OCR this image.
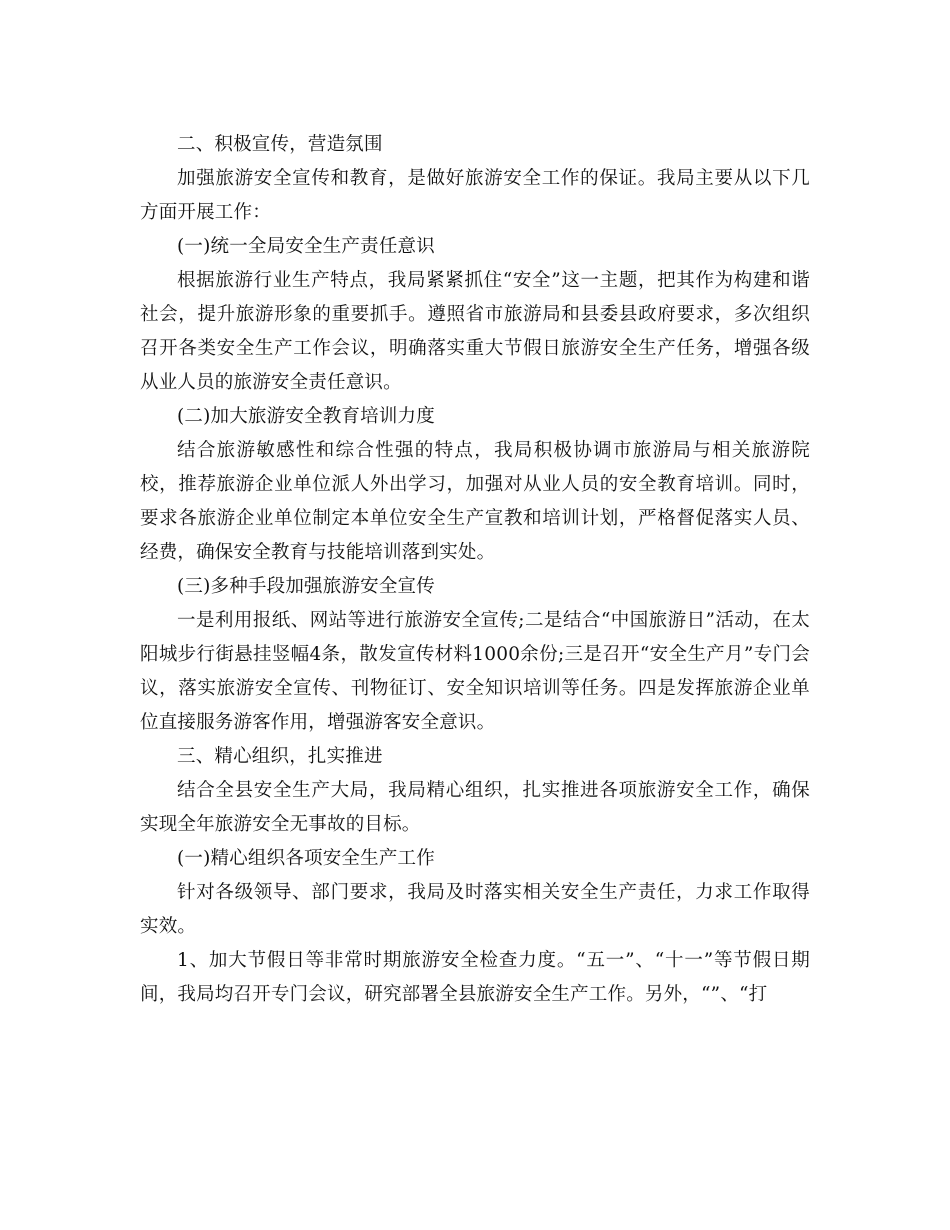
二、积极宣传，营造氛围

加强旅游安全宣传和教育，是做好旅游安全工作的保证。我局主要从以下几方面开展工作：

(一)统一全局安全生产责任意识

根据旅游行业生产特点，我局紧紧抓住“安全”这一主题，把其作为构建和谐社会，提升旅游形象的重要抓手。遵照省市旅游局和县委县政府要求，多次组织召开各类安全生产工作会议，明确落实重大节假日旅游安全生产任务，增强各级从业人员的旅游安全责任意识。

(二)加大旅游安全教育培训力度

结合旅游敏感性和综合性强的特点，我局积极协调市旅游局与相关旅游院校，推荐旅游企业单位派人外出学习，加强对从业人员的安全教育培训。同时，要求各旅游企业单位制定本单位安全生产宣教和培训计划，严格督促落实人员、经费，确保安全教育与技能培训落到实处。

(三)多种手段加强旅游安全宣传

一是利用报纸、网站等进行旅游安全宣传;二是结合“中国旅游日”活动，在太阳城步行街悬挂竖幅4条，散发宣传材料1000余份;三是召开“安全生产月”专门会议，落实旅游安全宣传、刊物征订、安全知识培训等任务。四是发挥旅游企业单位直接服务游客作用，增强游客安全意识。

三、精心组织，扎实推进

结合全县安全生产大局，我局精心组织，扎实推进各项旅游安全工作，确保实现全年旅游安全无事故的目标。

(一)精心组织各项安全生产工作

针对各级领导、部门要求，我局及时落实相关安全生产责任，力求工作取得实效。

1、加大节假日等非常时期旅游安全检查力度。“五一”、“十一”等节假日期间，我局均召开专门会议，研究部署全县旅游安全生产工作。另外，“”、“打
